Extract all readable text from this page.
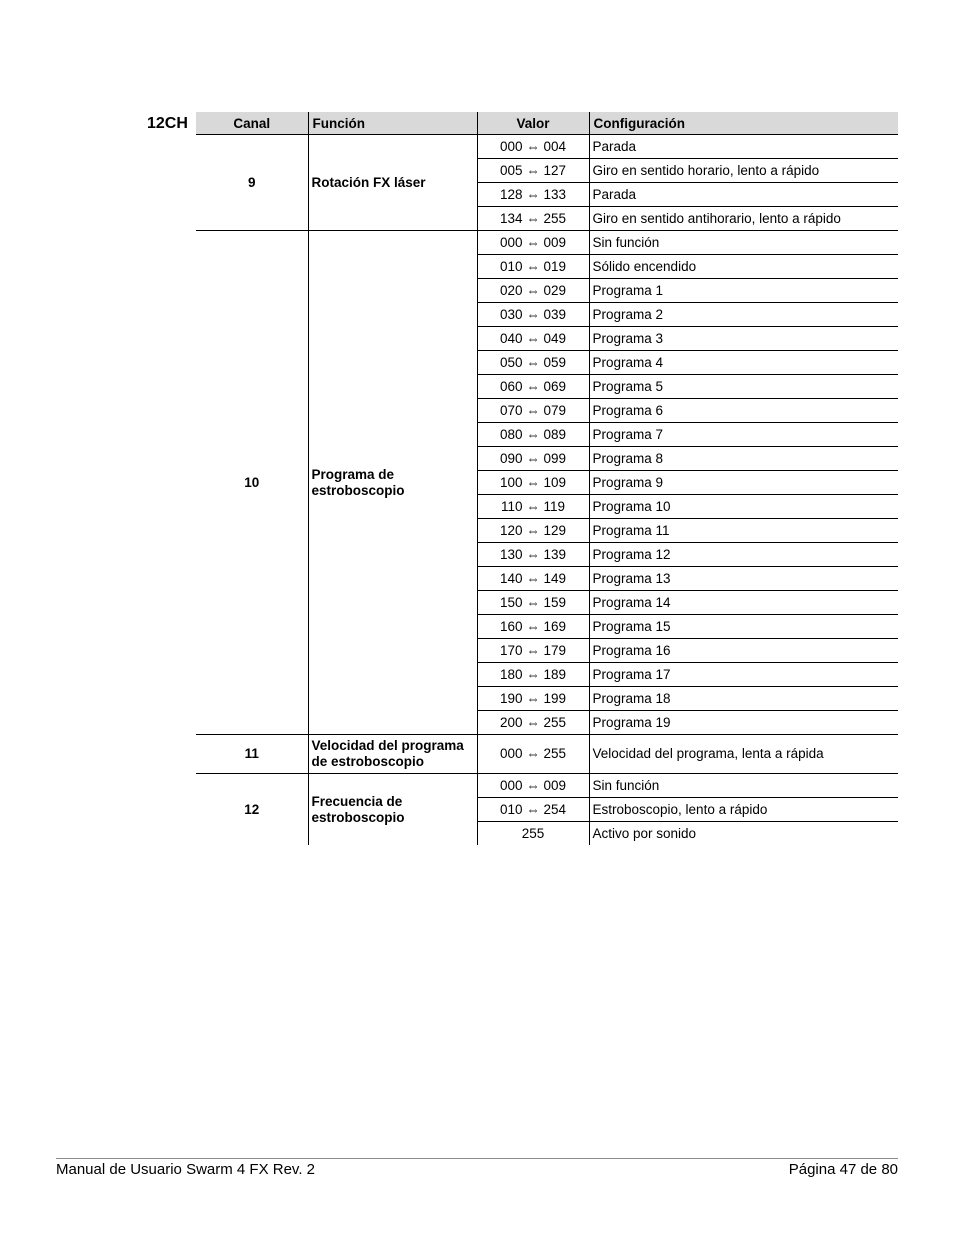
12CH	Canal	Función	Valor	Configuración
9	Rotación FX láser	000 ⇔ 004	Parada
		005 ⇔ 127	Giro en sentido horario, lento a rápido
		128 ⇔ 133	Parada
		134 ⇔ 255	Giro en sentido antihorario, lento a rápido
10	Programa de estroboscopio	000 ⇔ 009	Sin función
		010 ⇔ 019	Sólido encendido
		020 ⇔ 029	Programa 1
		030 ⇔ 039	Programa 2
		040 ⇔ 049	Programa 3
		050 ⇔ 059	Programa 4
		060 ⇔ 069	Programa 5
		070 ⇔ 079	Programa 6
		080 ⇔ 089	Programa 7
		090 ⇔ 099	Programa 8
		100 ⇔ 109	Programa 9
		110 ⇔ 119	Programa 10
		120 ⇔ 129	Programa 11
		130 ⇔ 139	Programa 12
		140 ⇔ 149	Programa 13
		150 ⇔ 159	Programa 14
		160 ⇔ 169	Programa 15
		170 ⇔ 179	Programa 16
		180 ⇔ 189	Programa 17
		190 ⇔ 199	Programa 18
		200 ⇔ 255	Programa 19
11	Velocidad del programa de estroboscopio	000 ⇔ 255	Velocidad del programa, lenta a rápida
12	Frecuencia de estroboscopio	000 ⇔ 009	Sin función
		010 ⇔ 254	Estroboscopio, lento a rápido
		255	Activo por sonido
Manual de Usuario Swarm 4 FX Rev. 2	Página 47 de 80
